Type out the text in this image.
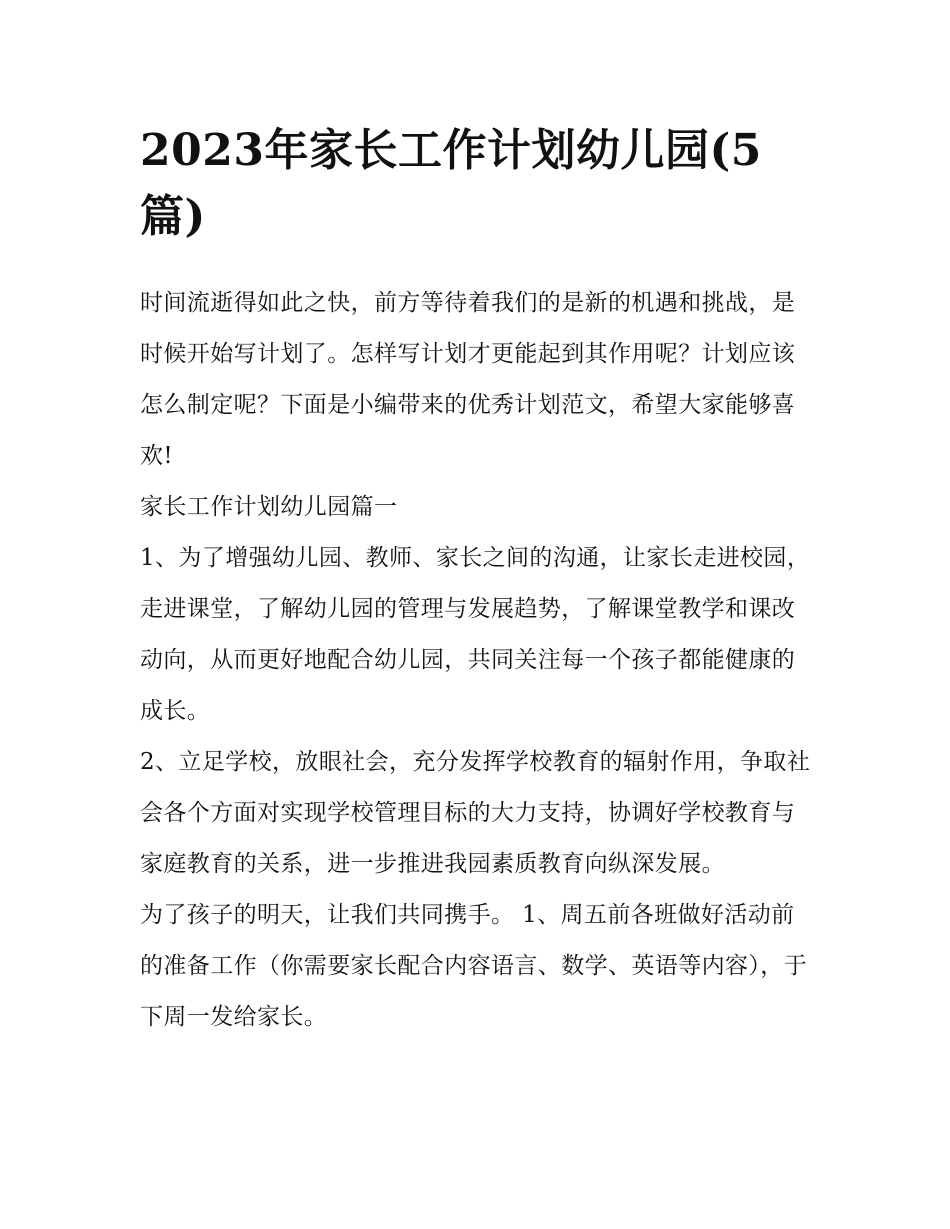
2023年家长工作计划幼儿园(5篇)

时间流逝得如此之快，前方等待着我们的是新的机遇和挑战，是时候开始写计划了。怎样写计划才更能起到其作用呢？计划应该怎么制定呢？下面是小编带来的优秀计划范文，希望大家能够喜欢!

家长工作计划幼儿园篇一

1、为了增强幼儿园、教师、家长之间的沟通，让家长走进校园，走进课堂，了解幼儿园的管理与发展趋势，了解课堂教学和课改动向，从而更好地配合幼儿园，共同关注每一个孩子都能健康的成长。

2、立足学校，放眼社会，充分发挥学校教育的辐射作用，争取社会各个方面对实现学校管理目标的大力支持，协调好学校教育与家庭教育的关系，进一步推进我园素质教育向纵深发展。

为了孩子的明天，让我们共同携手。 1、周五前各班做好活动前的准备工作（你需要家长配合内容语言、数学、英语等内容），于下周一发给家长。
